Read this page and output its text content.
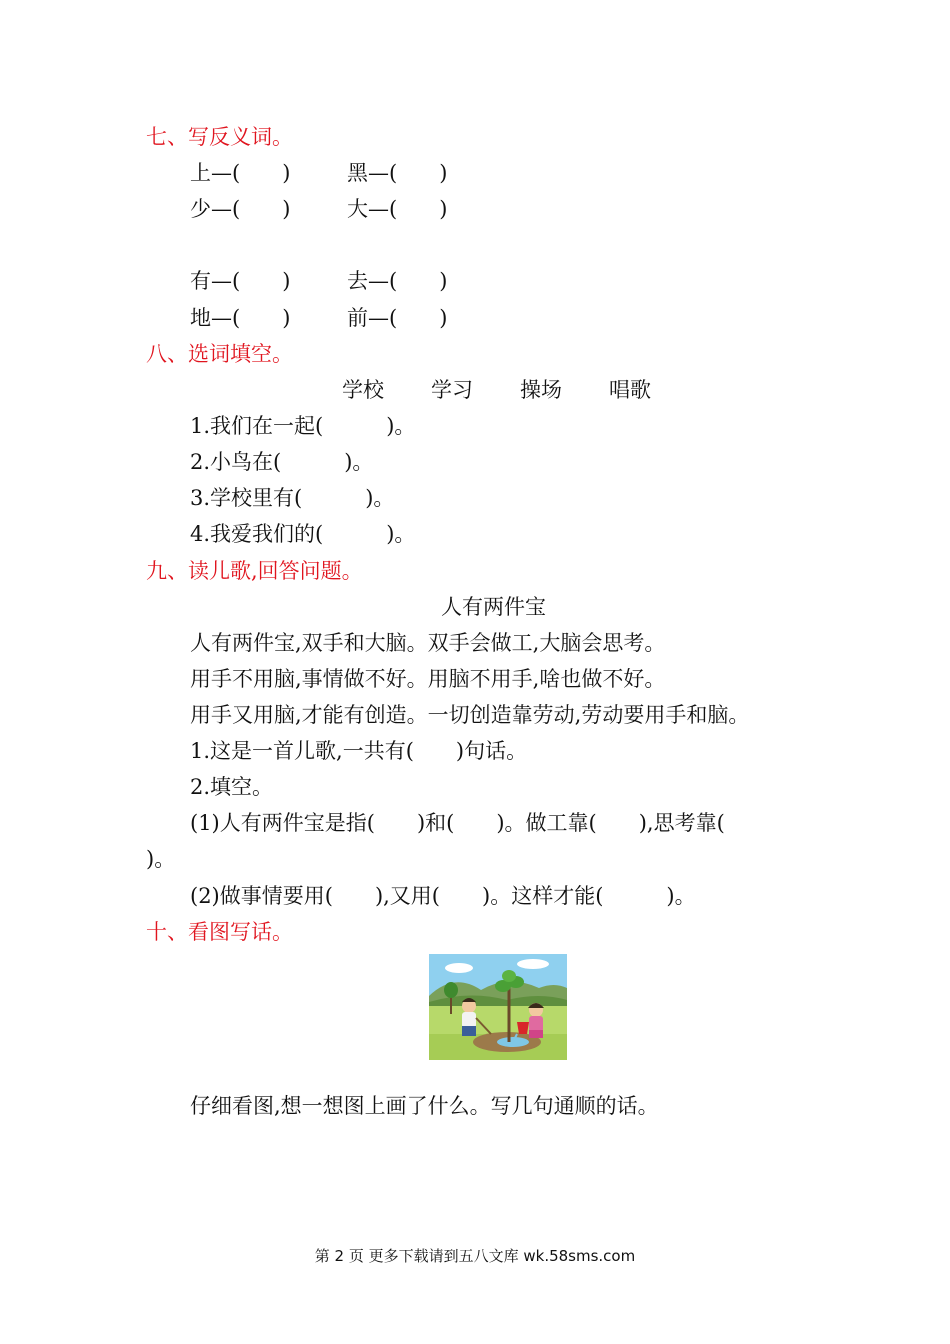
七、写反义词。
上—(　　)	黑—(　　)
少—(　　)	大—(　　)
有—(　　)	去—(　　)
地—(　　)	前—(　　)
八、选词填空。
学校 学习 操场 唱歌
1.我们在一起(　　　)。
2.小鸟在(　　　)。
3.学校里有(　　　)。
4.我爱我们的(　　　)。
九、读儿歌,回答问题。
人有两件宝
人有两件宝,双手和大脑。双手会做工,大脑会思考。
用手不用脑,事情做不好。用脑不用手,啥也做不好。
用手又用脑,才能有创造。一切创造靠劳动,劳动要用手和脑。
1.这是一首儿歌,一共有(　　)句话。
2.填空。
(1)人有两件宝是指(　　)和(　　)。做工靠(　　),思考靠(
)。
(2)做事情要用(　　),又用(　　)。这样才能(　　　)。
十、看图写话。
仔细看图,想一想图上画了什么。写几句通顺的话。
第 2 页 更多下载请到五八文库 wk.58sms.com
